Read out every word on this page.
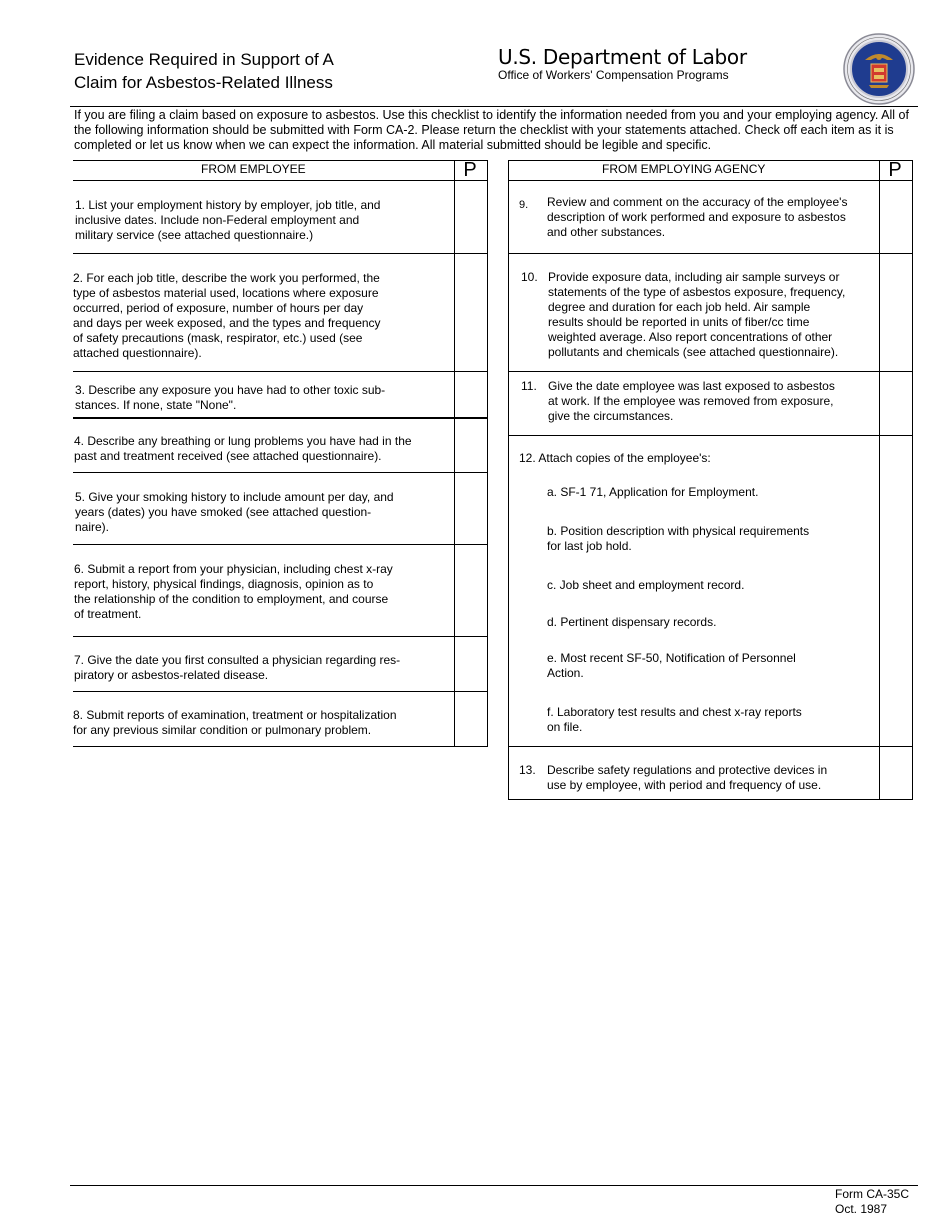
Evidence Required in Support of A
Claim for Asbestos-Related Illness
U.S. Department of Labor
Office of Workers' Compensation Programs
If you are filing a claim based on exposure to asbestos. Use this checklist to identify the information needed from you and your employing agency. All of the following information should be submitted with Form CA-2. Please return the checklist with your statements attached. Check off each item as it is completed or let us know when we can expect the information. All material submitted should be legible and specific.
FROM EMPLOYEE	P
1. List your employment history by employer, job title, and
inclusive dates. Include non-Federal employment and
military service (see attached questionnaire.)
2. For each job title, describe the work you performed, the
type of asbestos material used, locations where exposure
occurred, period of exposure, number of hours per day
and days per week exposed, and the types and frequency
of safety precautions (mask, respirator, etc.) used (see
attached questionnaire).
3. Describe any exposure you have had to other toxic sub-
stances. If none, state "None".
4. Describe any breathing or lung problems you have had in the
past and treatment received (see attached questionnaire).
5. Give your smoking history to include amount per day, and
years (dates) you have smoked (see attached question-
naire).
6. Submit a report from your physician, including chest x-ray
report, history, physical findings, diagnosis, opinion as to
the relationship of the condition to employment, and course
of treatment.
7. Give the date you first consulted a physician regarding res-
piratory or asbestos-related disease.
8. Submit reports of examination, treatment or hospitalization
for any previous similar condition or pulmonary problem.
FROM EMPLOYING AGENCY	P
9. Review and comment on the accuracy of the employee's
description of work performed and exposure to asbestos
and other substances.
10. Provide exposure data, including air sample surveys or
statements of the type of asbestos exposure, frequency,
degree and duration for each job held. Air sample
results should be reported in units of fiber/cc time
weighted average. Also report concentrations of other
pollutants and chemicals (see attached questionnaire).
11. Give the date employee was last exposed to asbestos
at work. If the employee was removed from exposure,
give the circumstances.
12. Attach copies of the employee's:
a. SF-1 71, Application for Employment.
b. Position description with physical requirements
for last job hold.
c. Job sheet and employment record.
d. Pertinent dispensary records.
e. Most recent SF-50, Notification of Personnel
Action.
f. Laboratory test results and chest x-ray reports
on file.
13. Describe safety regulations and protective devices in
use by employee, with period and frequency of use.
Form CA-35C
Oct. 1987
